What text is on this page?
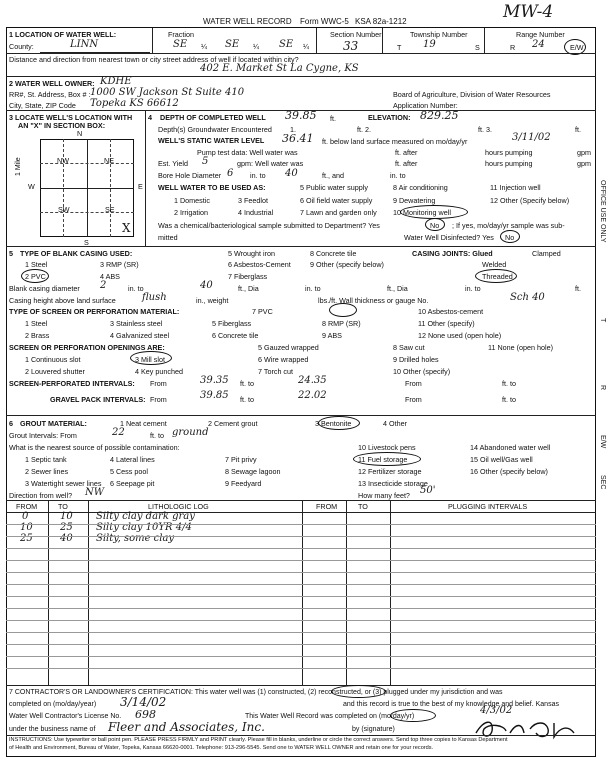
WATER WELL RECORD Form WWC-5 KSA 82a-1212	MW-4
1 LOCATION OF WATER WELL:
County:	LINN
Fraction
SE ¼ SE ¼ SE ¼
Section Number
33
Township Number
T 19	S
Range Number
R 24	E/W
Distance and direction from nearest town or city street address of well if located within city?
402 E. Market St La Cygne, KS
2 WATER WELL OWNER: KDHE
RR#, St. Address, Box # : 1000 SW Jackson St Suite 410
City, State, ZIP Code Topeka KS 66612
Board of Agriculture, Division of Water Resources
Application Number:
3 LOCATE WELL'S LOCATION WITH
AN "X" IN SECTION BOX:
N
NW	NE
SW	SE
W	E
S
X
1 Mile
4 DEPTH OF COMPLETED WELL 39.85 ft.	ELEVATION: 829.25
Depth(s) Groundwater Encountered	1.	ft. 2.	ft. 3.	ft.
WELL'S STATIC WATER LEVEL 36.41 ft. below land surface measured on mo/day/yr	3/11/02
Pump test data: Well water was	ft. after	hours pumping	gpm
Est. Yield 5	gpm: Well water was	ft. after	hours pumping	gpm
Bore Hole Diameter 6 in. to 40	ft., and	in. to
WELL WATER TO BE USED AS:	5 Public water supply	8 Air conditioning	11 Injection well
1 Domestic	3 Feedlot	6 Oil field water supply	9 Dewatering	12 Other (Specify below)
2 Irrigation	4 Industrial	7 Lawn and garden only 10 Monitoring well
Was a chemical/bacteriological sample submitted to Department? Yes	No ; If yes, mo/day/yr sample was sub-
mitted	Water Well Disinfected? Yes No
5 TYPE OF BLANK CASING USED:	5 Wrought iron	8 Concrete tile	CASING JOINTS: Glued	Clamped
1 Steel	3 RMP (SR)	6 Asbestos-Cement	9 Other (specify below)	Welded
2 PVC	4 ABS	7 Fiberglass	Threaded
Blank casing diameter 2	in. to	40	ft., Dia	in. to	ft., Dia	in. to	ft.
Casing height above land surface	flush	in., weight	lbs./ft. Wall thickness or gauge No.	Sch 40
TYPE OF SCREEN OR PERFORATION MATERIAL:	7 PVC	10 Asbestos-cement
1 Steel	3 Stainless steel	5 Fiberglass	8 RMP (SR)	11 Other (specify)
2 Brass	4 Galvanized steel	6 Concrete tile	9 ABS	12 None used (open hole)
SCREEN OR PERFORATION OPENINGS ARE:	5 Gauzed wrapped	8 Saw cut	11 None (open hole)
1 Continuous slot	3 Mill slot	6 Wire wrapped	9 Drilled holes
2 Louvered shutter	4 Key punched	7 Torch cut	10 Other (specify)
SCREEN-PERFORATED INTERVALS: From	39.35 ft. to	24.35	From	ft. to
GRAVEL PACK INTERVALS: From	39.85 ft. to	22.02	From	ft. to
6 GROUT MATERIAL:	1 Neat cement	2 Cement grout	3 Bentonite	4 Other
Grout Intervals: From	22	ft. to ground
What is the nearest source of possible contamination:	10 Livestock pens	14 Abandoned water well
1 Septic tank	4 Lateral lines	7 Pit privy	11 Fuel storage	15 Oil well/Gas well
2 Sewer lines	5 Cess pool	8 Sewage lagoon	12 Fertilizer storage	16 Other (specify below)
3 Watertight sewer lines 6 Seepage pit	9 Feedyard	13 Insecticide storage
Direction from well? NW	How many feet? 50'
FROM	TO	LITHOLOGIC LOG	FROM	TO	PLUGGING INTERVALS
0	10 Silty clay dark gray
10	25 Silty clay 10YR 4/4
25	40 Silty, some clay
7 CONTRACTOR'S OR LANDOWNER'S CERTIFICATION: This water well was (1) constructed, (2) reconstructed, or (3) plugged under my jurisdiction and was
completed on (mo/day/year) 3/14/02	and this record is true to the best of my knowledge and belief. Kansas
Water Well Contractor's License No. 698	This Water Well Record was completed on (mo/day/yr)
4/3/02
under the business name of Fleer and Associates, Inc.	by (signature)
INSTRUCTIONS: Use typewriter or ball point pen. PLEASE PRESS FIRMLY and PRINT clearly. Please fill in blanks, underline or circle the correct answers. Send top three copies to Kansas Department
of Health and Environment, Bureau of Water, Topeka, Kansas 66620-0001. Telephone: 913-296-5545. Send one to WATER WELL OWNER and retain one for your records.
OFFICE USE ONLY
T
R
E/W
SEC
